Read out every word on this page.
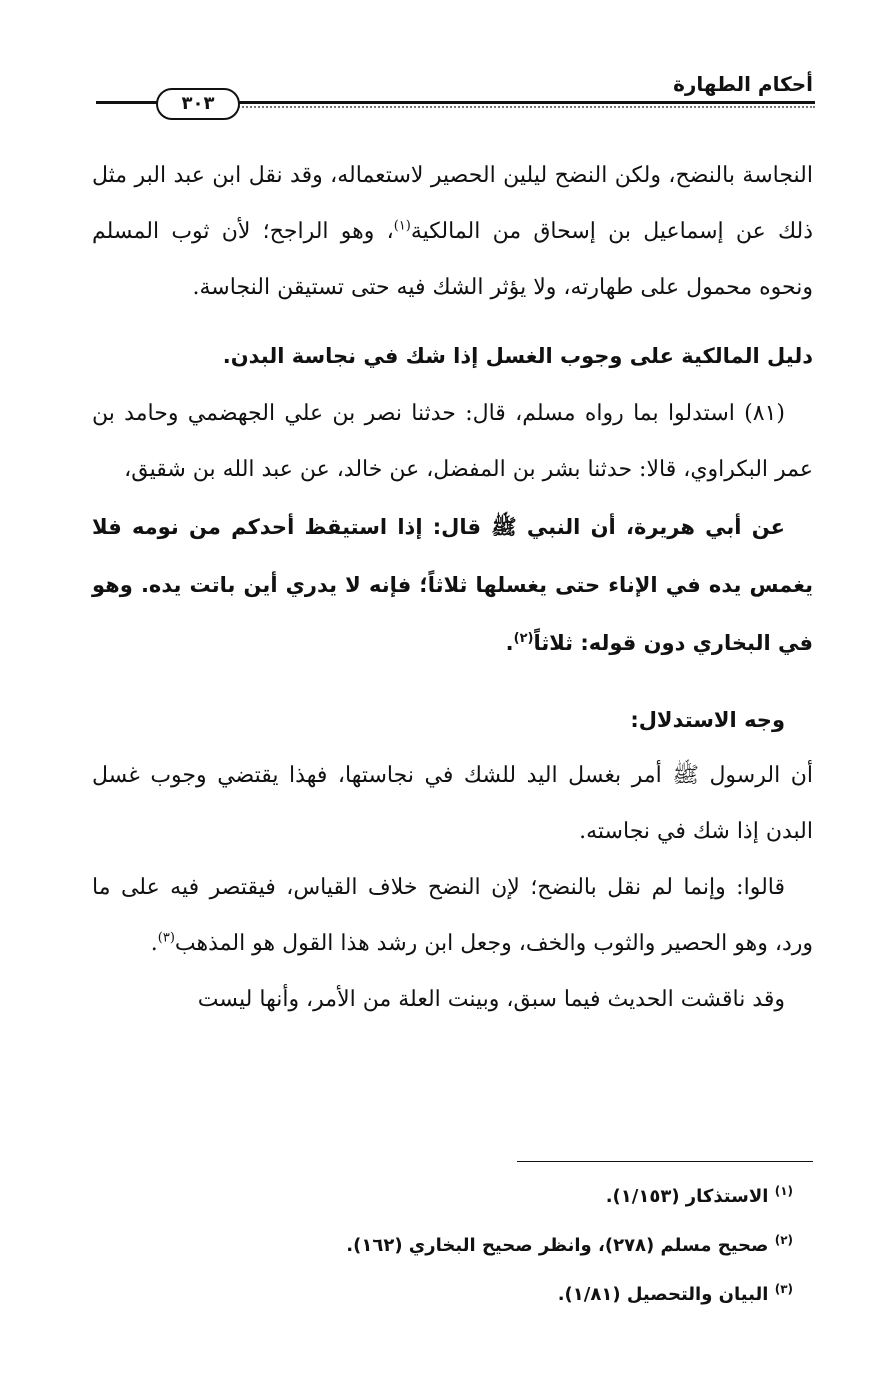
أحكام الطهارة
٣٠٣

النجاسة بالنضح، ولكن النضح ليلين الحصير لاستعماله، وقد نقل ابن عبد البر مثل ذلك عن إسماعيل بن إسحاق من المالكية$^{(١)}$، وهو الراجح؛ لأن ثوب المسلم ونحوه محمول على طهارته، ولا يؤثر الشك فيه حتى تستيقن النجاسة.

دليل المالكية على وجوب الغسل إذا شك في نجاسة البدن.

(٨١) استدلوا بما رواه مسلم، قال: حدثنا نصر بن علي الجهضمي وحامد بن عمر البكراوي، قالا: حدثنا بشر بن المفضل، عن خالد، عن عبد الله بن شقيق،

عن أبي هريرة، أن النبي ﷺ قال: إذا استيقظ أحدكم من نومه فلا يغمس يده في الإناء حتى يغسلها ثلاثاً؛ فإنه لا يدري أين باتت يده. وهو في البخاري دون قوله: ثلاثاً$^{(٢)}$.

وجه الاستدلال:

أن الرسول ﷺ أمر بغسل اليد للشك في نجاستها، فهذا يقتضي وجوب غسل البدن إذا شك في نجاسته.

قالوا: وإنما لم نقل بالنضح؛ لإن النضح خلاف القياس، فيقتصر فيه على ما ورد، وهو الحصير والثوب والخف، وجعل ابن رشد هذا القول هو المذهب$^{(٣)}$.

وقد ناقشت الحديث فيما سبق، وبينت العلة من الأمر، وأنها ليست

$^{(١)}$ الاستذكار (١/١٥٣).

$^{(٢)}$ صحيح مسلم (٢٧٨)، وانظر صحيح البخاري (١٦٢).

$^{(٣)}$ البيان والتحصيل (١/٨١).
